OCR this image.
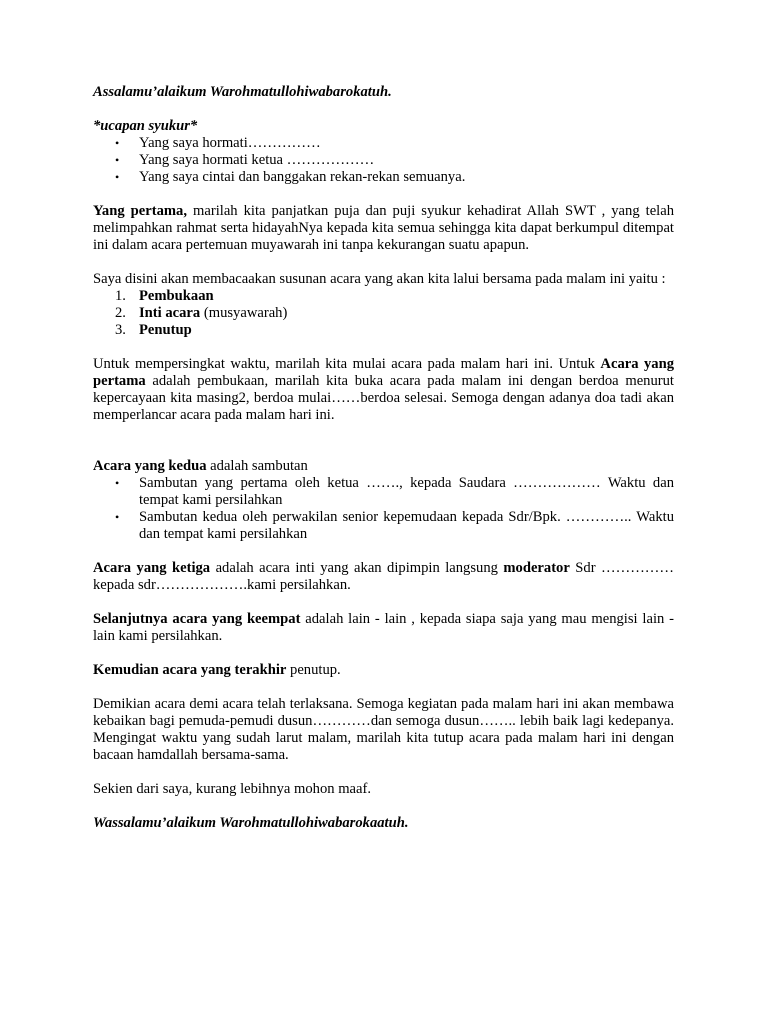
Assalamu’alaikum Warohmatullohiwabarokatuh.

*ucapan syukur*

• Yang saya hormati……………
• Yang saya hormati ketua ………………
• Yang saya cintai dan banggakan rekan-rekan semuanya.

Yang pertama, marilah kita panjatkan puja dan puji syukur kehadirat Allah SWT , yang telah melimpahkan rahmat serta hidayahNya kepada kita semua sehingga kita dapat berkumpul ditempat ini dalam acara pertemuan muyawarah ini tanpa kekurangan suatu apapun.

Saya disini akan membacaakan susunan acara yang akan kita lalui bersama pada malam ini yaitu :

1. Pembukaan
2. Inti acara (musyawarah)
3. Penutup

Untuk mempersingkat waktu, marilah kita mulai acara pada malam hari ini. Untuk Acara yang pertama adalah pembukaan, marilah kita buka acara pada malam ini dengan berdoa menurut kepercayaan kita masing2, berdoa mulai……berdoa selesai. Semoga dengan adanya doa tadi akan memperlancar acara pada malam hari ini.

Acara yang kedua adalah sambutan

• Sambutan yang pertama oleh ketua ……., kepada Saudara ……………… Waktu dan tempat kami persilahkan
• Sambutan kedua oleh perwakilan senior kepemudaan kepada Sdr/Bpk. ………….. Waktu dan tempat kami persilahkan

Acara yang ketiga adalah acara inti yang akan dipimpin langsung moderator Sdr …………… kepada sdr……………….kami persilahkan.

Selanjutnya acara yang keempat adalah lain - lain , kepada siapa saja yang mau mengisi lain - lain kami persilahkan.

Kemudian acara yang terakhir penutup.

Demikian acara demi acara telah terlaksana. Semoga kegiatan pada malam hari ini akan membawa kebaikan bagi pemuda-pemudi dusun…………dan semoga dusun…….. lebih baik lagi kedepanya. Mengingat waktu yang sudah larut malam, marilah kita tutup acara pada malam hari ini dengan bacaan hamdallah bersama-sama.

Sekien dari saya, kurang lebihnya mohon maaf.

Wassalamu’alaikum Warohmatullohiwabarokaatuh.
